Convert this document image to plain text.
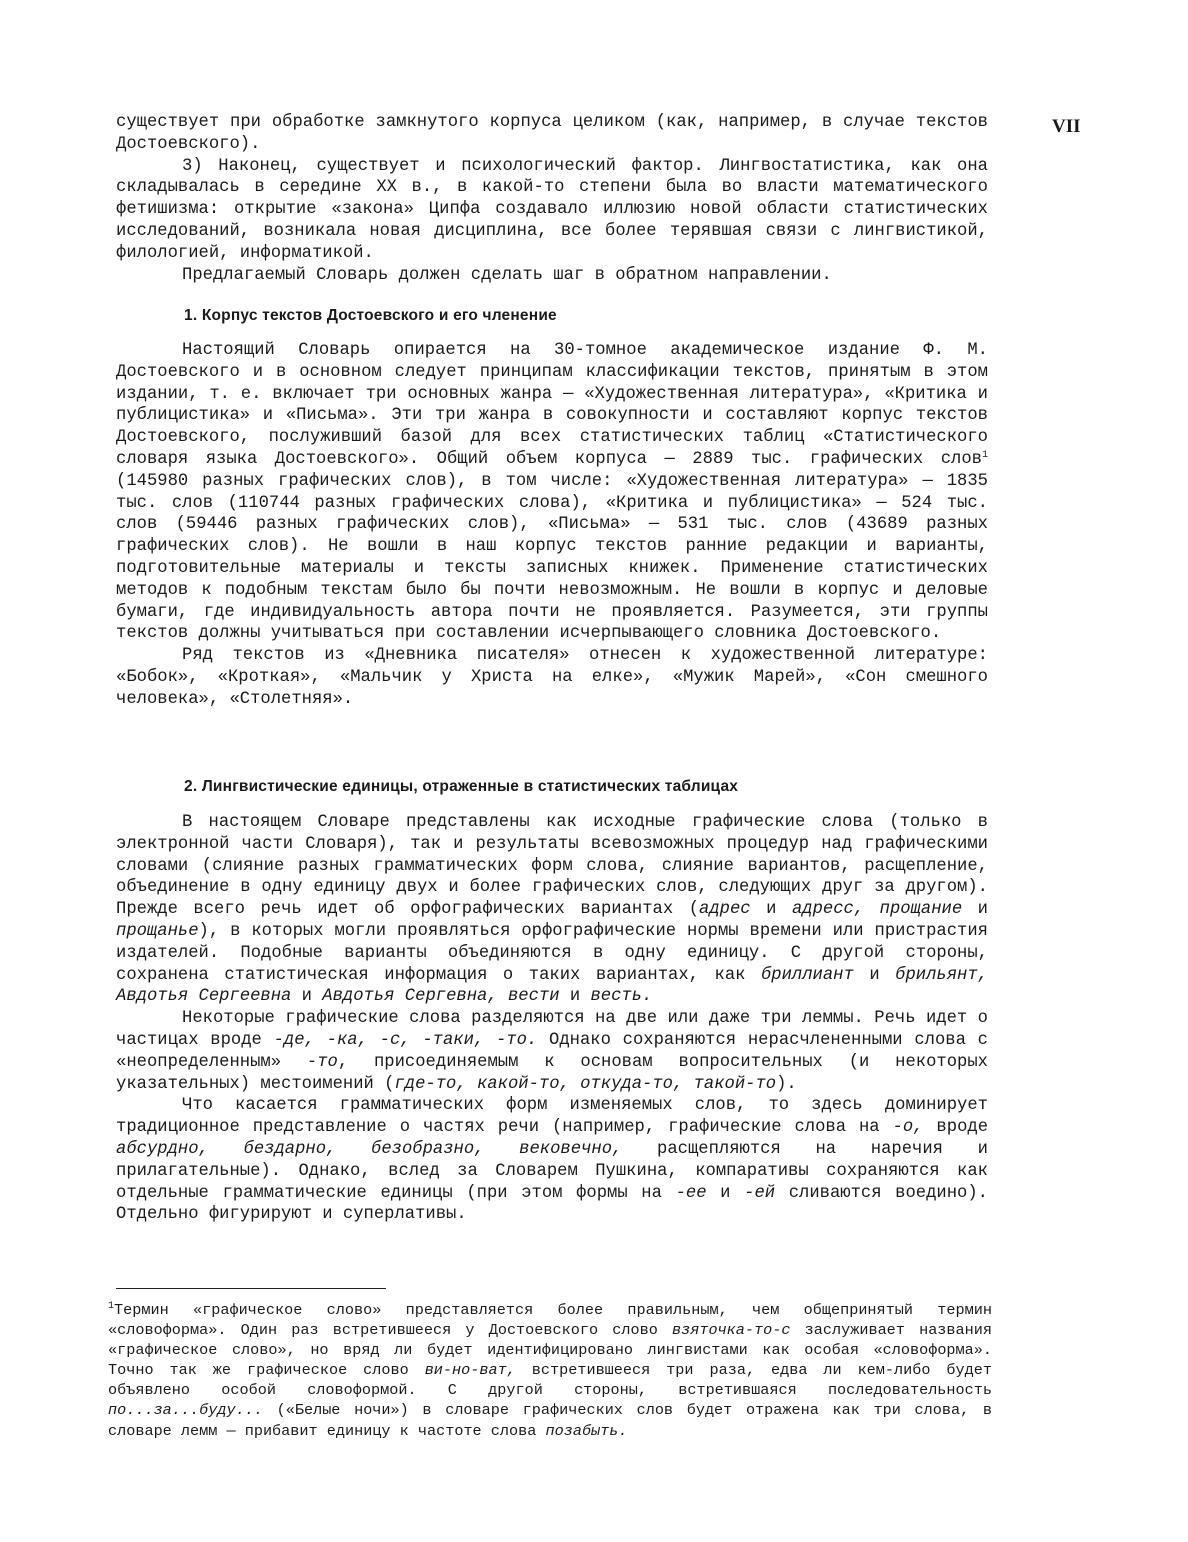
VII

существует при обработке замкнутого корпуса целиком (как, например, в случае текстов Достоевского).

3) Наконец, существует и психологический фактор. Лингвостатистика, как она складывалась в середине XX в., в какой-то степени была во власти математического фетишизма: открытие «закона» Ципфа создавало иллюзию новой области статистических исследований, возникала новая дисциплина, все более терявшая связи с лингвистикой, филологией, информатикой.

Предлагаемый Словарь должен сделать шаг в обратном направлении.

1. Корпус текстов Достоевского и его членение

Настоящий Словарь опирается на 30-томное академическое издание Ф. М. Достоевского и в основном следует принципам классификации текстов, принятым в этом издании, т. е. включает три основных жанра — «Художественная литература», «Критика и публицистика» и «Письма». Эти три жанра в совокупности и составляют корпус текстов Достоевского, послуживший базой для всех статистических таблиц «Статистического словаря языка Достоевского». Общий объем корпуса — 2889 тыс. графических слов$^1$ (145980 разных графических слов), в том числе: «Художественная литература» — 1835 тыс. слов (110744 разных графических слова), «Критика и публицистика» — 524 тыс. слов (59446 разных графических слов), «Письма» — 531 тыс. слов (43689 разных графических слов). Не вошли в наш корпус текстов ранние редакции и варианты, подготовительные материалы и тексты записных книжек. Применение статистических методов к подобным текстам было бы почти невозможным. Не вошли в корпус и деловые бумаги, где индивидуальность автора почти не проявляется. Разумеется, эти группы текстов должны учитываться при составлении исчерпывающего словника Достоевского.

Ряд текстов из «Дневника писателя» отнесен к художественной литературе: «Бобок», «Кроткая», «Мальчик у Христа на елке», «Мужик Марей», «Сон смешного человека», «Столетняя».

2. Лингвистические единицы, отраженные в статистических таблицах

В настоящем Словаре представлены как исходные графические слова (только в электронной части Словаря), так и результаты всевозможных процедур над графическими словами (слияние разных грамматических форм слова, слияние вариантов, расщепление, объединение в одну единицу двух и более графических слов, следующих друг за другом). Прежде всего речь идет об орфографических вариантах (адрес и адресс, прощание и прощанье), в которых могли проявляться орфографические нормы времени или пристрастия издателей. Подобные варианты объединяются в одну единицу. С другой стороны, сохранена статистическая информация о таких вариантах, как бриллиант и брильянт, Авдотья Сергеевна и Авдотья Сергевна, вести и весть.

Некоторые графические слова разделяются на две или даже три леммы. Речь идет о частицах вроде -де, -ка, -с, -таки, -то. Однако сохраняются нерасчлененными слова с «неопределенным» -то, присоединяемым к основам вопросительных (и некоторых указательных) местоимений (где-то, какой-то, откуда-то, такой-то).

Что касается грамматических форм изменяемых слов, то здесь доминирует традиционное представление о частях речи (например, графические слова на -о, вроде абсурдно, бездарно, безобразно, вековечно, расщепляются на наречия и прилагательные). Однако, вслед за Словарем Пушкина, компаративы сохраняются как отдельные грамматические единицы (при этом формы на -ее и -ей сливаются воедино). Отдельно фигурируют и суперлативы.

$^1$Термин «графическое слово» представляется более правильным, чем общепринятый термин «словоформа». Один раз встретившееся у Достоевского слово взяточка-то-с заслуживает названия «графическое слово», но вряд ли будет идентифицировано лингвистами как особая «словоформа». Точно так же графическое слово ви-но-ват, встретившееся три раза, едва ли кем-либо будет объявлено особой словоформой. С другой стороны, встретившаяся последовательность по...за...буду... («Белые ночи») в словаре графических слов будет отражена как три слова, в словаре лемм — прибавит единицу к частоте слова позабыть.
